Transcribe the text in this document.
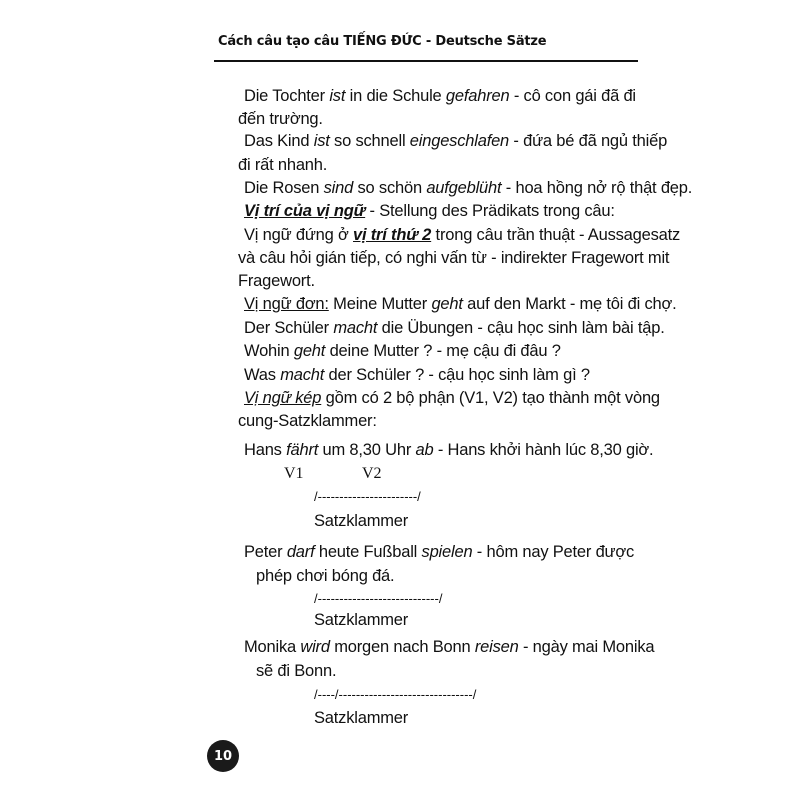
Cách câu tạo câu TIẾNG ĐỨC - Deutsche Sätze
Die Tochter ist in die Schule gefahren - cô con gái đã đi
đến trường.
Das Kind ist so schnell eingeschlafen - đứa bé đã ngủ thiếp
đi rất nhanh.
Die Rosen sind so schön aufgeblüht - hoa hồng nở rộ thật đẹp.
Vị trí của vị ngữ - Stellung des Prädikats trong câu:
Vị ngữ đứng ở vị trí thứ 2 trong câu trần thuật - Aussagesatz
và câu hỏi gián tiếp, có nghi vấn từ - indirekter Fragewort mit
Fragewort.
Vị ngữ đơn: Meine Mutter geht auf den Markt - mẹ tôi đi chợ.
Der Schüler macht die Übungen - cậu học sinh làm bài tập.
Wohin geht deine Mutter ? - mẹ cậu đi đâu ?
Was macht der Schüler ? - cậu học sinh làm gì ?
Vị ngữ kép gồm có 2 bộ phận (V1, V2) tạo thành một vòng
cung-Satzklammer:
Hans fährt um 8,30 Uhr ab - Hans khởi hành lúc 8,30 giờ.
V1	V2
/-----------------------/
Satzklammer
Peter darf heute Fußball spielen - hôm nay Peter được
phép chơi bóng đá.
/----------------------------/
Satzklammer
Monika wird morgen nach Bonn reisen - ngày mai Monika
sẽ đi Bonn.
/----/-------------------------------/
Satzklammer
10
